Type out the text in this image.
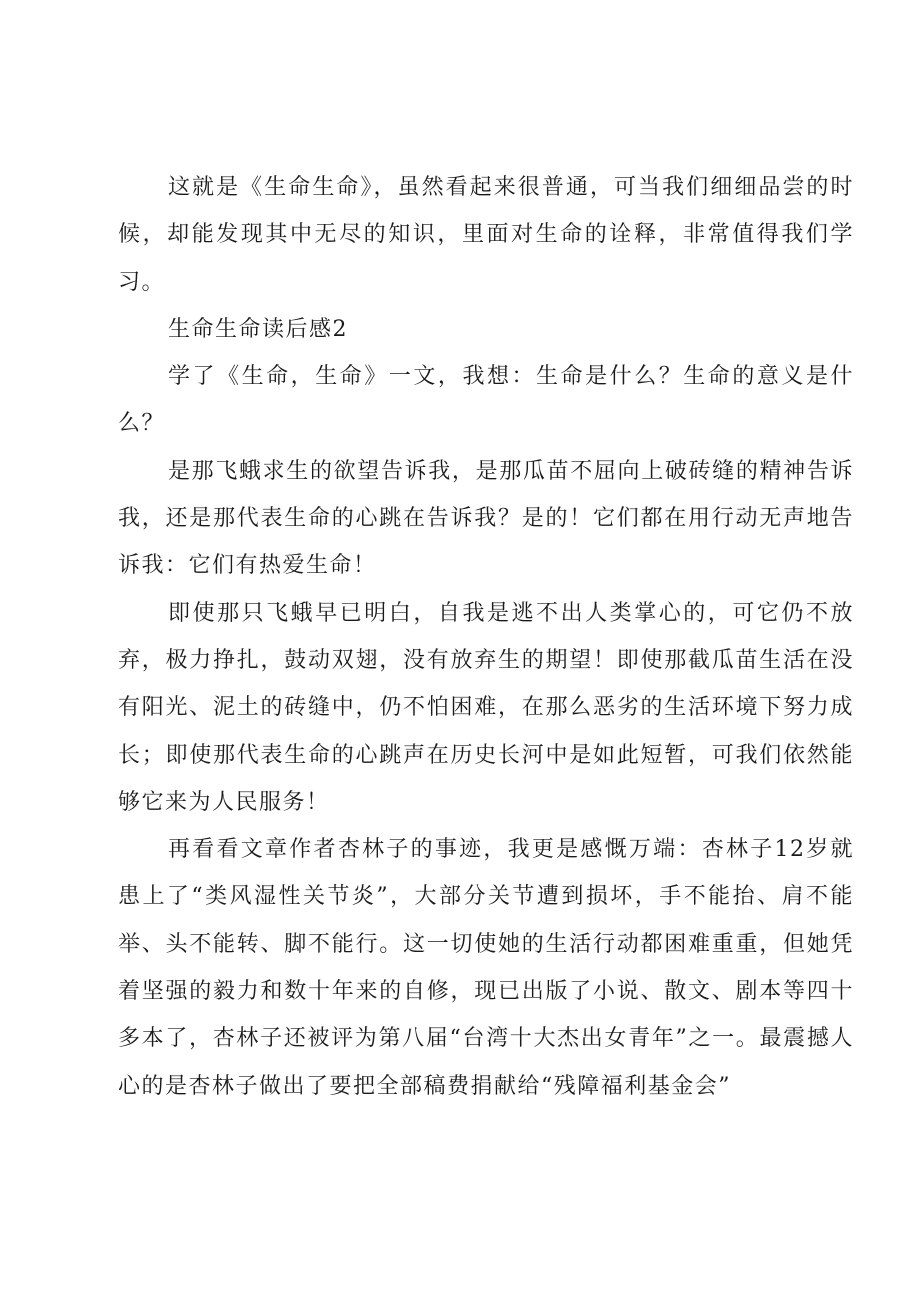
这就是《生命生命》，虽然看起来很普通，可当我们细细品尝的时候，却能发现其中无尽的知识，里面对生命的诠释，非常值得我们学习。

生命生命读后感2

学了《生命，生命》一文，我想：生命是什么？生命的意义是什么？

是那飞蛾求生的欲望告诉我，是那瓜苗不屈向上破砖缝的精神告诉我，还是那代表生命的心跳在告诉我？是的！它们都在用行动无声地告诉我：它们有热爱生命！

即使那只飞蛾早已明白，自我是逃不出人类掌心的，可它仍不放弃，极力挣扎，鼓动双翅，没有放弃生的期望！即使那截瓜苗生活在没有阳光、泥土的砖缝中，仍不怕困难，在那么恶劣的生活环境下努力成长；即使那代表生命的心跳声在历史长河中是如此短暂，可我们依然能够它来为人民服务！

再看看文章作者杏林子的事迹，我更是感慨万端：杏林子12岁就患上了“类风湿性关节炎”，大部分关节遭到损坏，手不能抬、肩不能举、头不能转、脚不能行。这一切使她的生活行动都困难重重，但她凭着坚强的毅力和数十年来的自修，现已出版了小说、散文、剧本等四十多本了，杏林子还被评为第八届“台湾十大杰出女青年”之一。最震撼人心的是杏林子做出了要把全部稿费捐献给“残障福利基金会”
